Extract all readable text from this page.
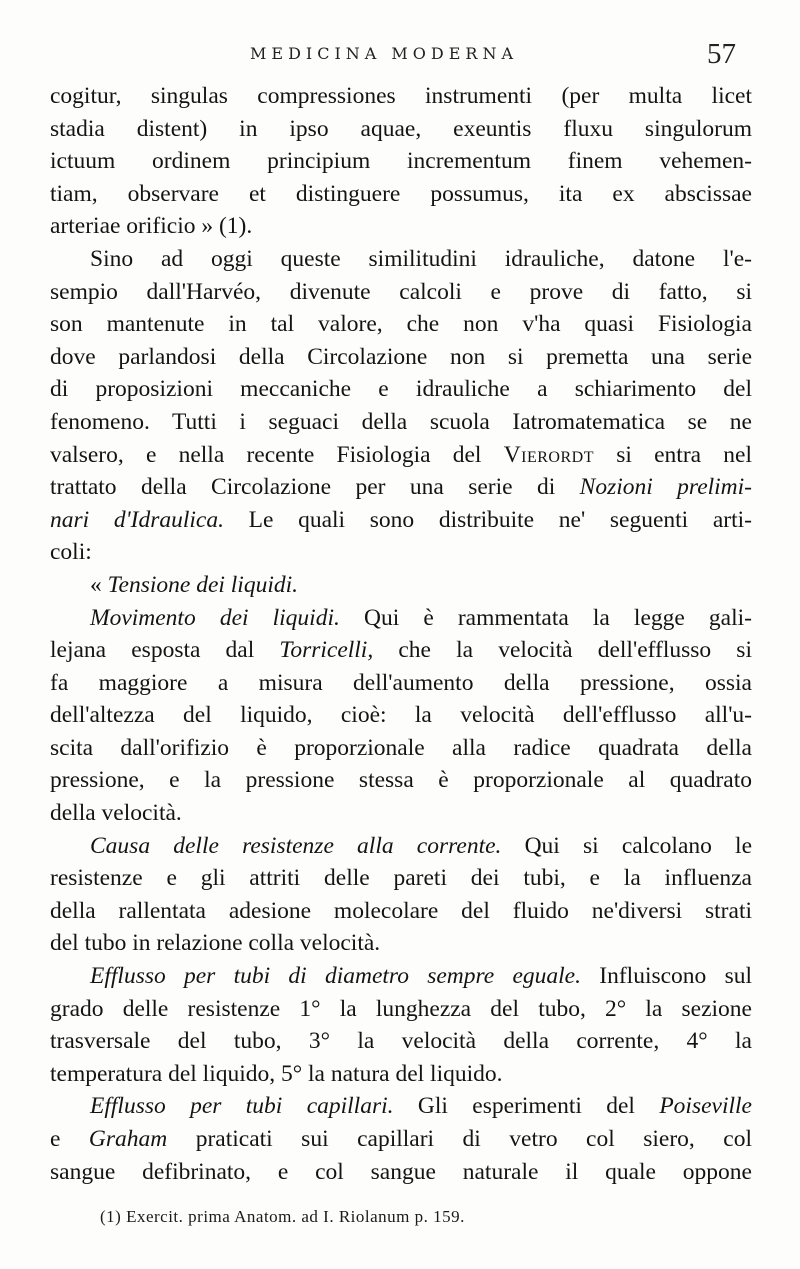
MEDICINA MODERNA	57
cogitur, singulas compressiones instrumenti (per multa licet
stadia distent) in ipso aquae, exeuntis fluxu singulorum
ictuum ordinem principium incrementum finem vehemen-
tiam, observare et distinguere possumus, ita ex abscissae
arteriae orificio » (1).
Sino ad oggi queste similitudini idrauliche, datone l'e-
sempio dall'Harvéo, divenute calcoli e prove di fatto, si
son mantenute in tal valore, che non v'ha quasi Fisiologia
dove parlandosi della Circolazione non si premetta una serie
di proposizioni meccaniche e idrauliche a schiarimento del
fenomeno. Tutti i seguaci della scuola Iatromatematica se ne
valsero, e nella recente Fisiologia del Vierordt si entra nel
trattato della Circolazione per una serie di Nozioni prelimi-
nari d'Idraulica. Le quali sono distribuite ne' seguenti arti-
coli:
« Tensione dei liquidi.
Movimento dei liquidi. Qui è rammentata la legge gali-
lejana esposta dal Torricelli, che la velocità dell'efflusso si
fa maggiore a misura dell'aumento della pressione, ossia
dell'altezza del liquido, cioè: la velocità dell'efflusso all'u-
scita dall'orifizio è proporzionale alla radice quadrata della
pressione, e la pressione stessa è proporzionale al quadrato
della velocità.
Causa delle resistenze alla corrente. Qui si calcolano le
resistenze e gli attriti delle pareti dei tubi, e la influenza
della rallentata adesione molecolare del fluido ne'diversi strati
del tubo in relazione colla velocità.
Efflusso per tubi di diametro sempre eguale. Influiscono sul
grado delle resistenze 1° la lunghezza del tubo, 2° la sezione
trasversale del tubo, 3° la velocità della corrente, 4° la
temperatura del liquido, 5° la natura del liquido.
Efflusso per tubi capillari. Gli esperimenti del Poiseville
e Graham praticati sui capillari di vetro col siero, col
sangue defibrinato, e col sangue naturale il quale oppone
(1) Exercit. prima Anatom. ad I. Riolanum p. 159.
